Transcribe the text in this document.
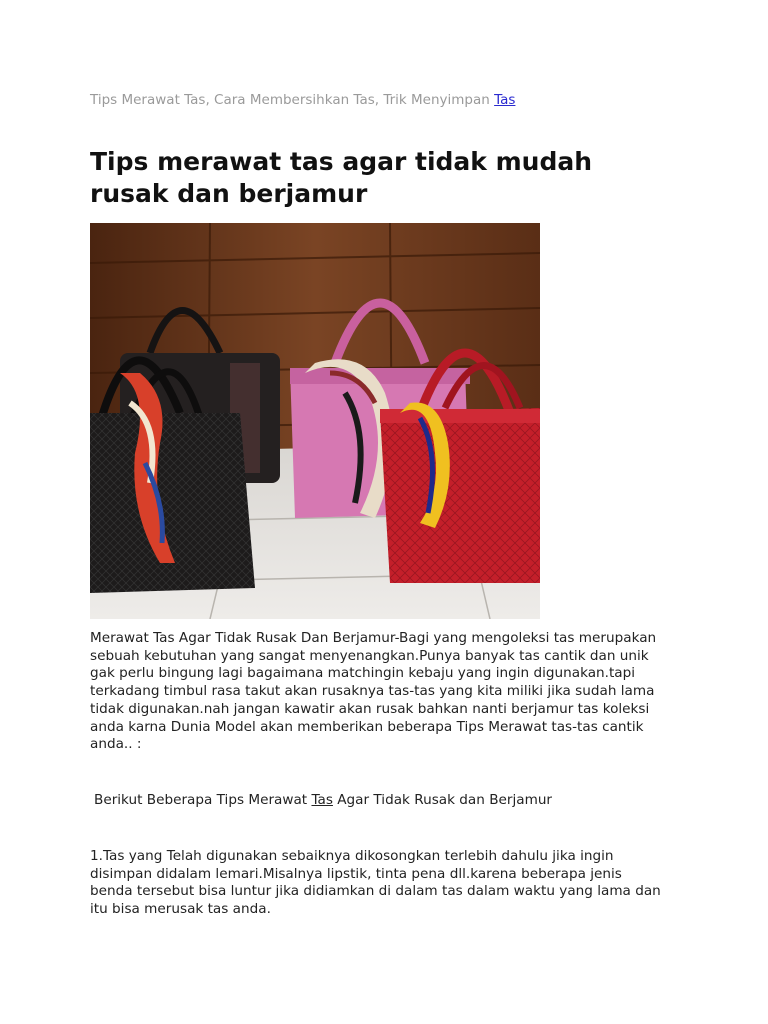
Tips Merawat Tas, Cara Membersihkan Tas, Trik Menyimpan Tas
Tips merawat tas agar tidak mudah
rusak dan berjamur

Merawat Tas Agar Tidak Rusak Dan Berjamur-Bagi yang mengoleksi tas merupakan
sebuah kebutuhan yang sangat menyenangkan.Punya banyak tas cantik dan unik
gak perlu bingung lagi bagaimana matchingin kebaju yang ingin digunakan.tapi
terkadang timbul rasa takut akan rusaknya tas-tas yang kita miliki jika sudah lama
tidak digunakan.nah jangan kawatir akan rusak bahkan nanti berjamur tas koleksi
anda karna Dunia Model akan memberikan beberapa Tips Merawat tas-tas cantik
anda.. :

Berikut Beberapa Tips Merawat Tas Agar Tidak Rusak dan Berjamur

1.Tas yang Telah digunakan sebaiknya dikosongkan terlebih dahulu jika ingin
disimpan didalam lemari.Misalnya lipstik, tinta pena dll.karena beberapa jenis
benda tersebut bisa luntur jika didiamkan di dalam tas dalam waktu yang lama dan
itu bisa merusak tas anda.
